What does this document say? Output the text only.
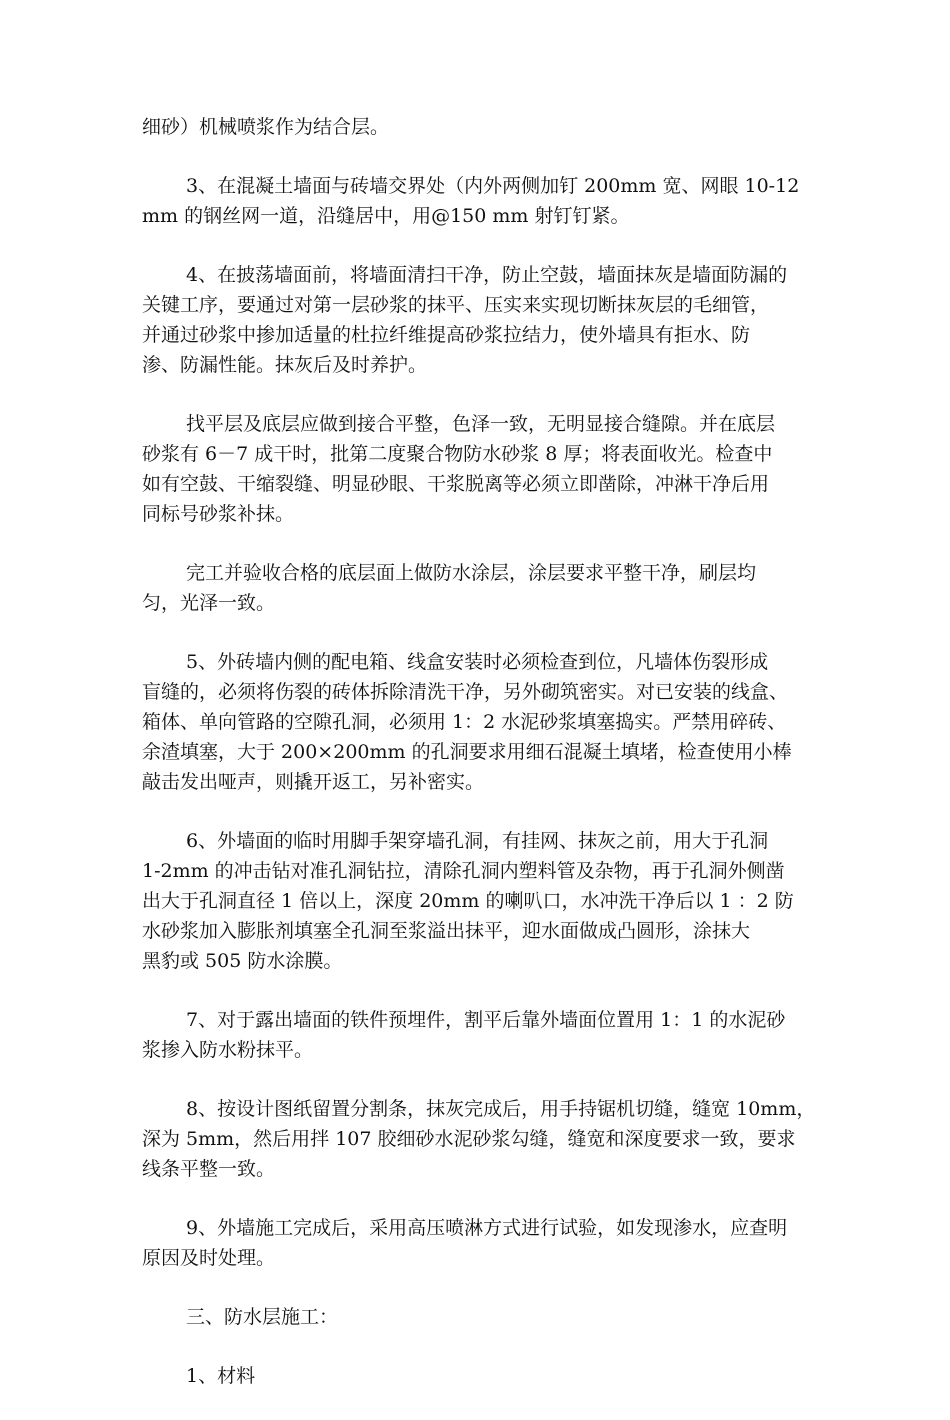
细砂）机械喷浆作为结合层。
3、在混凝土墙面与砖墙交界处（内外两侧加钉 200mm 宽、网眼 10-12
mm 的钢丝网一道，沿缝居中，用@150 mm 射钉钉紧。
4、在披荡墙面前，将墙面清扫干净，防止空鼓，墙面抹灰是墙面防漏的
关键工序，要通过对第一层砂浆的抹平、压实来实现切断抹灰层的毛细管，
并通过砂浆中掺加适量的杜拉纤维提高砂浆拉结力，使外墙具有拒水、防
渗、防漏性能。抹灰后及时养护。
找平层及底层应做到接合平整，色泽一致，无明显接合缝隙。并在底层
砂浆有 6－7 成干时，批第二度聚合物防水砂浆 8 厚；将表面收光。检查中
如有空鼓、干缩裂缝、明显砂眼、干浆脱离等必须立即凿除，冲淋干净后用
同标号砂浆补抹。
完工并验收合格的底层面上做防水涂层，涂层要求平整干净，刷层均
匀，光泽一致。
5、外砖墙内侧的配电箱、线盒安装时必须检查到位，凡墙体伤裂形成
盲缝的，必须将伤裂的砖体拆除清洗干净，另外砌筑密实。对已安装的线盒、
箱体、单向管路的空隙孔洞，必须用 1：2 水泥砂浆填塞捣实。严禁用碎砖、
余渣填塞，大于 200×200mm 的孔洞要求用细石混凝土填堵，检查使用小棒
敲击发出哑声，则撬开返工，另补密实。
6、外墙面的临时用脚手架穿墙孔洞，有挂网、抹灰之前，用大于孔洞
1-2mm 的冲击钻对准孔洞钻拉，清除孔洞内塑料管及杂物，再于孔洞外侧凿
出大于孔洞直径 1 倍以上，深度 20mm 的喇叭口，水冲洗干净后以 1 ：2 防
水砂浆加入膨胀剂填塞全孔洞至浆溢出抹平，迎水面做成凸圆形，涂抹大
黑豹或 505 防水涂膜。
7、对于露出墙面的铁件预埋件，割平后靠外墙面位置用 1：1 的水泥砂
浆掺入防水粉抹平。
8、按设计图纸留置分割条，抹灰完成后，用手持锯机切缝，缝宽 10mm，
深为 5mm，然后用拌 107 胶细砂水泥砂浆勾缝，缝宽和深度要求一致，要求
线条平整一致。
9、外墙施工完成后，采用高压喷淋方式进行试验，如发现渗水，应查明
原因及时处理。
三、防水层施工：
1、材料
